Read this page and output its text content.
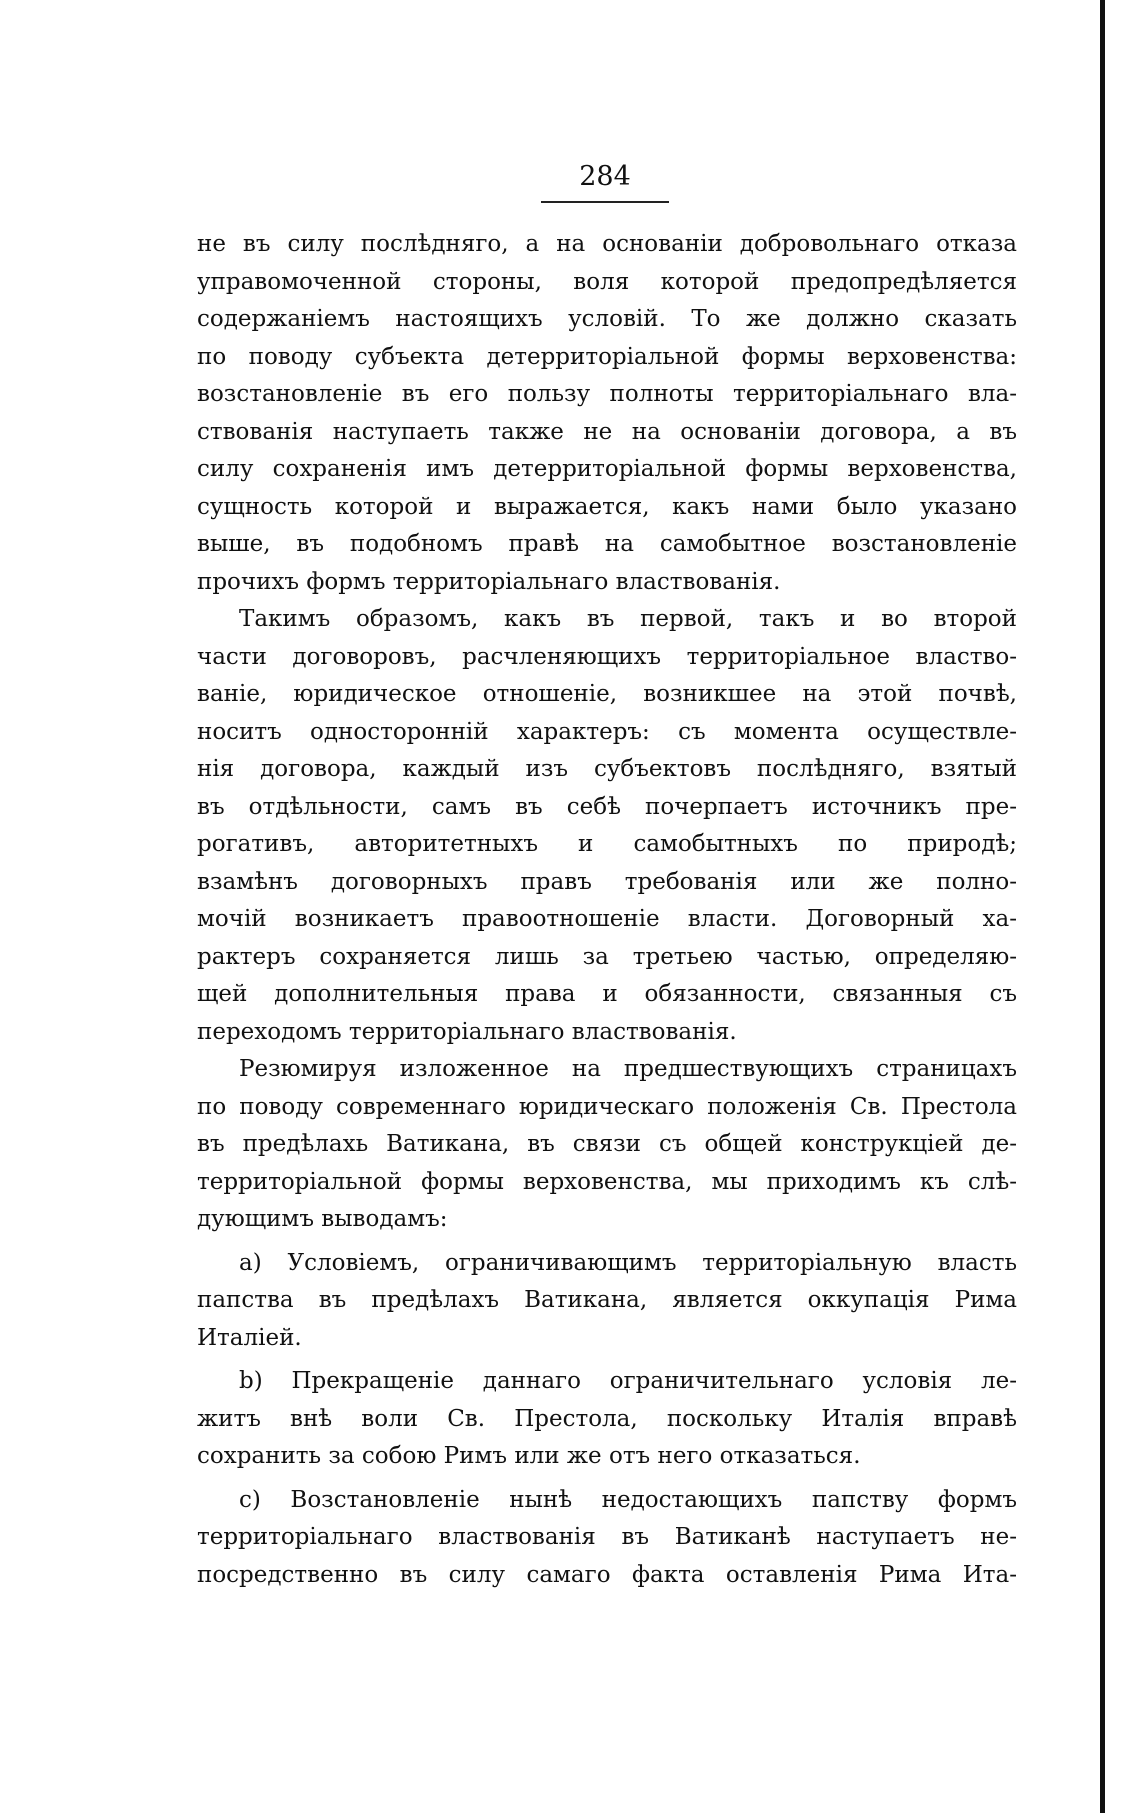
284
не въ силу послѣдняго, а на основаніи добровольнаго отказа
управомоченной стороны, воля которой предопредѣляется
содержаніемъ настоящихъ условій. То же должно сказать
по поводу субъекта детерриторіальной формы верховенства:
возстановленіе въ его пользу полноты территоріальнаго вла-
ствованія наступаеть также не на основаніи договора, а въ
силу сохраненія имъ детерриторіальной формы верховенства,
сущность которой и выражается, какъ нами было указано
выше, въ подобномъ правѣ на самобытное возстановленіе
прочихъ формъ территоріальнаго властвованія.
Такимъ образомъ, какъ въ первой, такъ и во второй
части договоровъ, расчленяющихъ территоріальное властво-
ваніе, юридическое отношеніе, возникшее на этой почвѣ,
носитъ односторонній характеръ: съ момента осуществле-
нія договора, каждый изъ субъектовъ послѣдняго, взятый
въ отдѣльности, самъ въ себѣ почерпаетъ источникъ пре-
рогативъ, авторитетныхъ и самобытныхъ по природѣ;
взамѣнъ договорныхъ правъ требованія или же полно-
мочій возникаетъ правоотношеніе власти. Договорный ха-
рактеръ сохраняется лишь за третьею частью, определяю-
щей дополнительныя права и обязанности, связанныя съ
переходомъ территоріальнаго властвованія.
Резюмируя изложенное на предшествующихъ страницахъ
по поводу современнаго юридическаго положенія Св. Престола
въ предѣлахь Ватикана, въ связи съ общей конструкціей де-
территоріальной формы верховенства, мы приходимъ къ слѣ-
дующимъ выводамъ:
a) Условіемъ, ограничивающимъ территоріальную власть
папства въ предѣлахъ Ватикана, является оккупація Рима
Италіей.
b) Прекращеніе даннаго ограничительнаго условія ле-
житъ внѣ воли Св. Престола, поскольку Италія вправѣ
сохранить за собою Римъ или же отъ него отказаться.
c) Возстановленіе нынѣ недостающихъ папству формъ
территоріальнаго властвованія въ Ватиканѣ наступаетъ не-
посредственно въ силу самаго факта оставленія Рима Ита-
